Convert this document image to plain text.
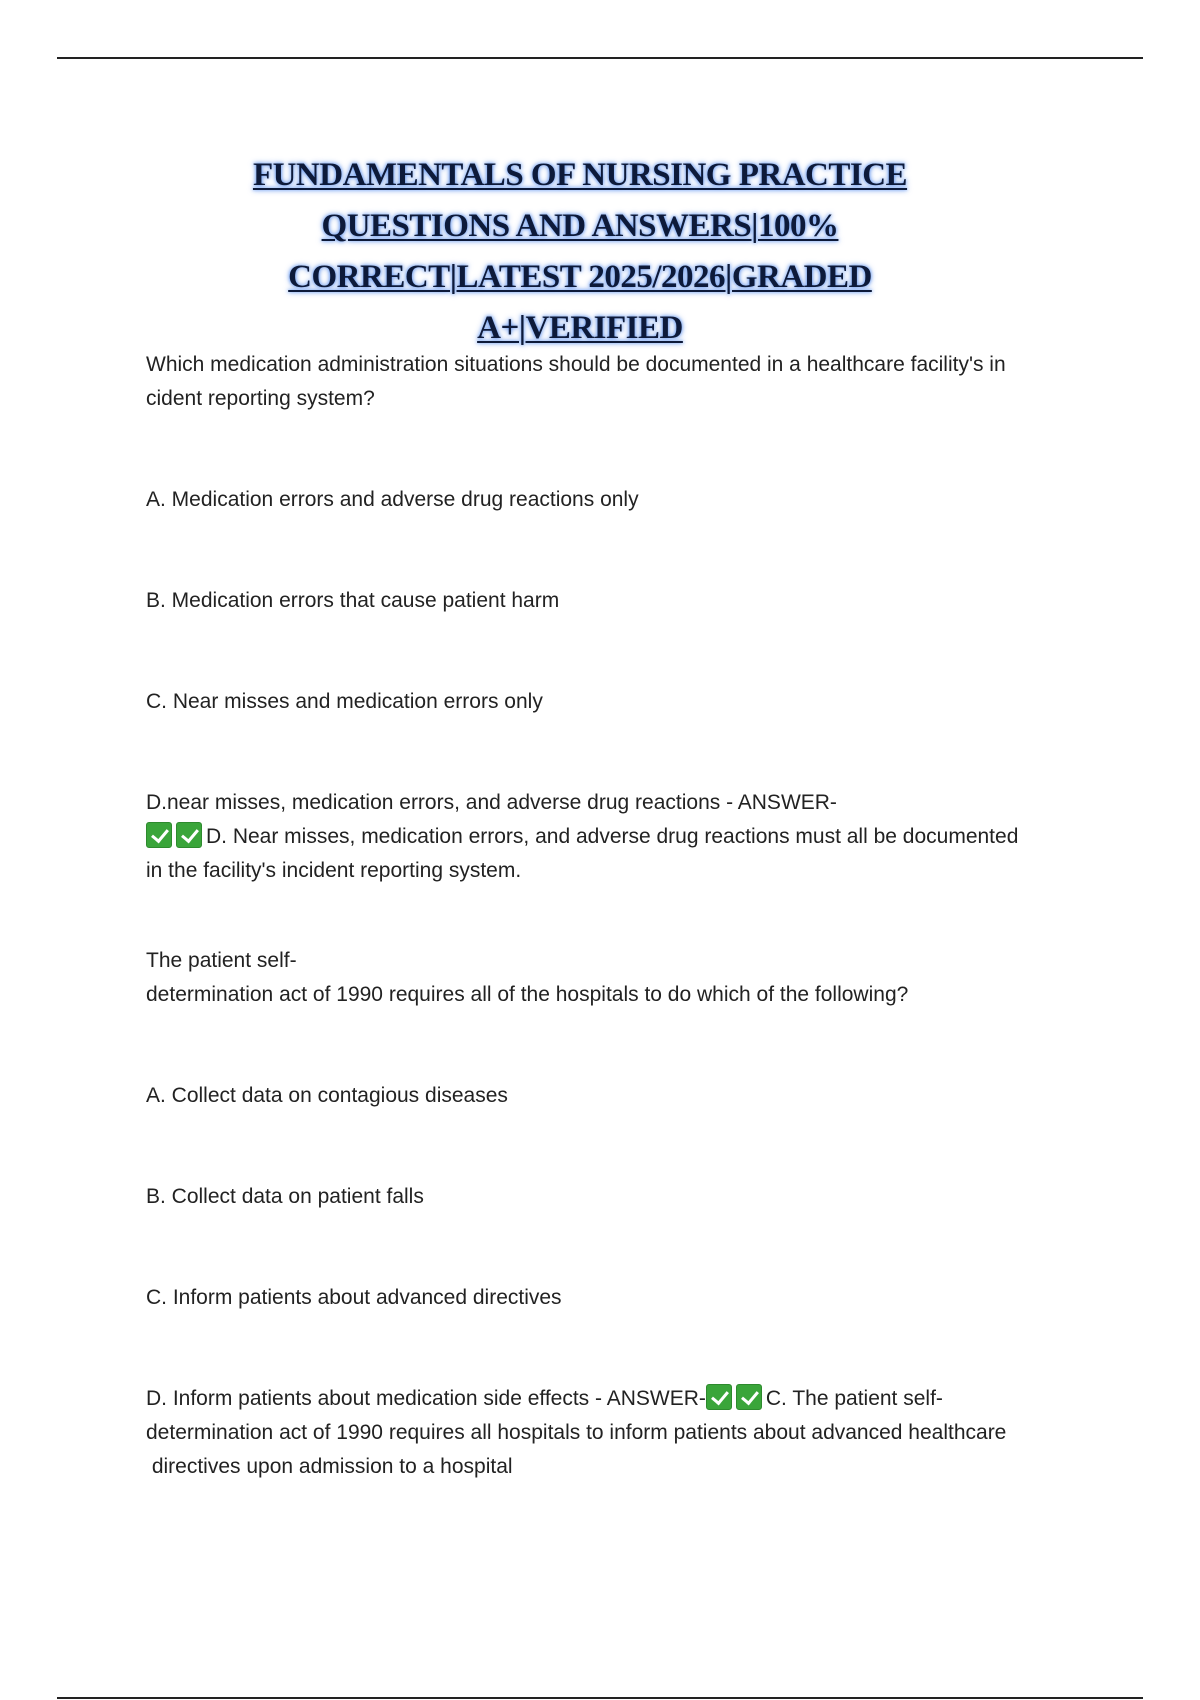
FUNDAMENTALS OF NURSING PRACTICE
QUESTIONS AND ANSWERS|100%
CORRECT|LATEST 2025/2026|GRADED
A+|VERIFIED

Which medication administration situations should be documented in a healthcare facility's in
cident reporting system?

A. Medication errors and adverse drug reactions only

B. Medication errors that cause patient harm

C. Near misses and medication errors only

D.near misses, medication errors, and adverse drug reactions - ANSWER-
D. Near misses, medication errors, and adverse drug reactions must all be documented
in the facility's incident reporting system.

The patient self-
determination act of 1990 requires all of the hospitals to do which of the following?

A. Collect data on contagious diseases

B. Collect data on patient falls

C. Inform patients about advanced directives

D. Inform patients about medication side effects - ANSWER-	C. The patient self-
determination act of 1990 requires all hospitals to inform patients about advanced healthcare
directives upon admission to a hospital
